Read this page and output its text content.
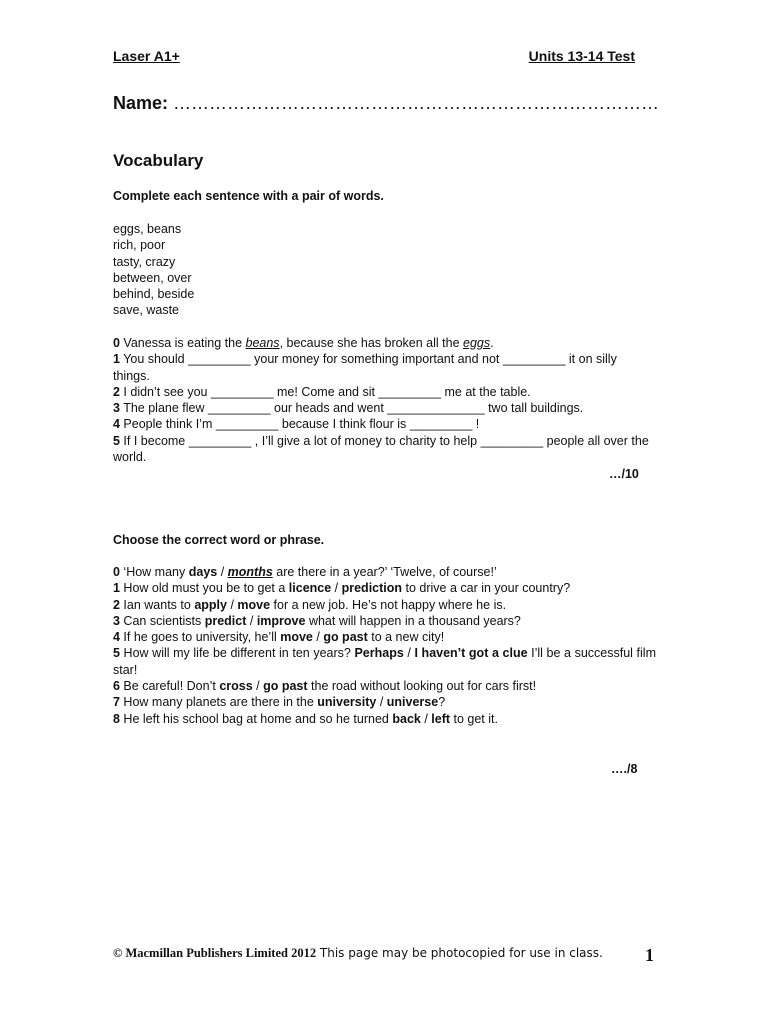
Laser A1+	Units 13-14 Test
Name: ………………………………………………………………………
Vocabulary
Complete each sentence with a pair of words.
eggs, beans
rich, poor
tasty, crazy
between, over
behind, beside
save, waste

0 Vanessa is eating the beans, because she has broken all the eggs.

1 You should _________ your money for something important and not _________ it on silly things.

2 I didn’t see you _________ me! Come and sit _________ me at the table.

3 The plane flew _________ our heads and went ______________ two tall buildings.

4 People think I’m _________ because I think flour is _________ !

5 If I become _________ , I’ll give a lot of money to charity to help _________ people all over the world.

…/10
Choose the correct word or phrase.

0 ‘How many days / months are there in a year?’ ‘Twelve, of course!’

1 How old must you be to get a licence / prediction to drive a car in your country?

2 Ian wants to apply / move for a new job. He’s not happy where he is.

3 Can scientists predict / improve what will happen in a thousand years?

4 If he goes to university, he’ll move / go past to a new city!

5 How will my life be different in ten years? Perhaps / I haven’t got a clue I’ll be a successful film star!

6 Be careful! Don’t cross / go past the road without looking out for cars first!

7 How many planets are there in the university / universe?

8 He left his school bag at home and so he turned back / left to get it.

…./8
© Macmillan Publishers Limited 2012 This page may be photocopied for use in class.	1
